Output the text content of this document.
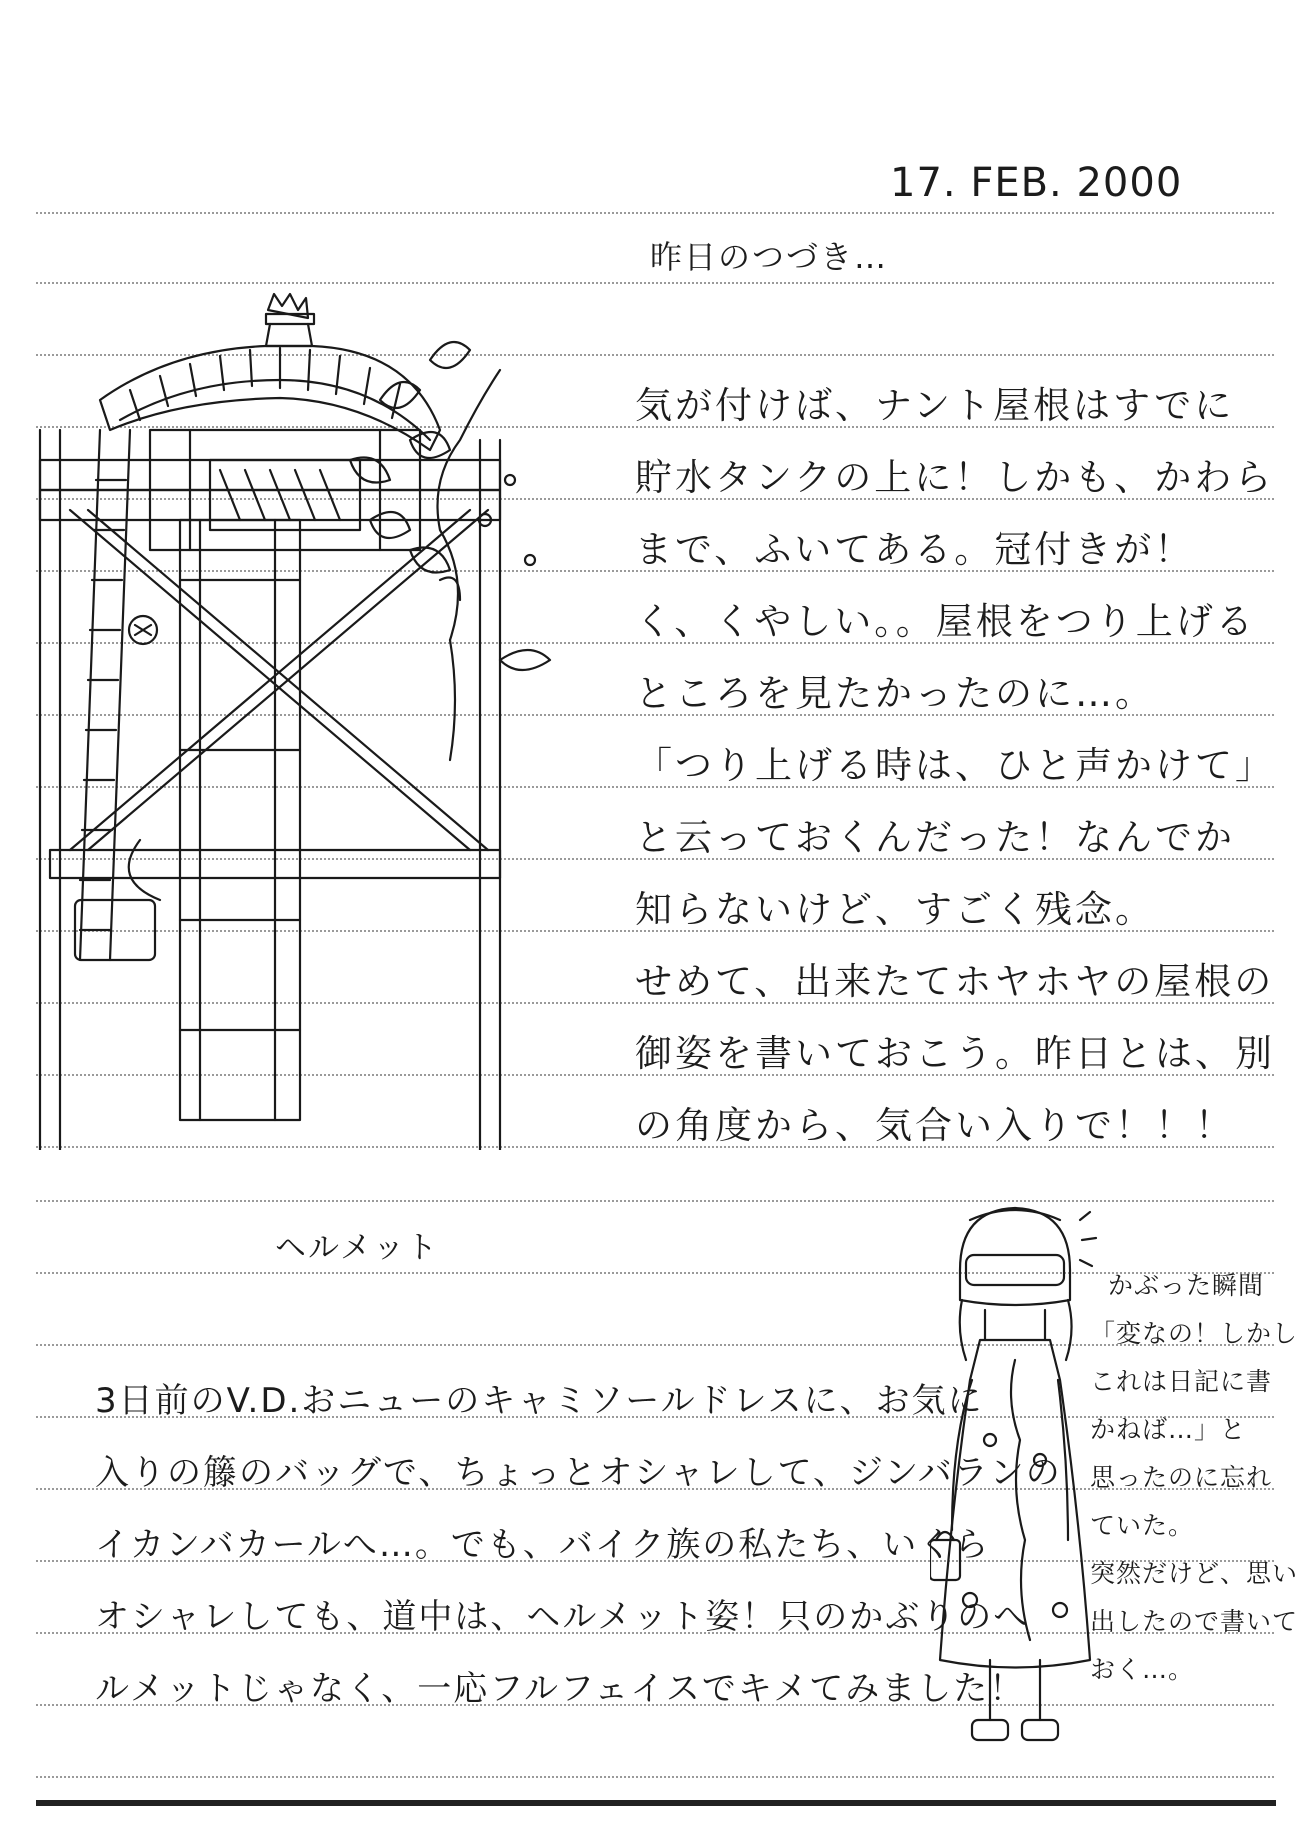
17. FEB. 2000
昨日のつづき…
気が付けば、ナント屋根はすでに
貯水タンクの上に！しかも、かわら
まで、ふいてある。冠付きが！
く、くやしい。。屋根をつり上げる
ところを見たかったのに…。
「つり上げる時は、ひと声かけて」
と云っておくんだった！なんでか
知らないけど、すごく残念。
せめて、出来たてホヤホヤの屋根の
御姿を書いておこう。昨日とは、別
の角度から、気合い入りで！！！
ヘルメット
3日前のV.D.おニューのキャミソールドレスに、お気に
入りの籐のバッグで、ちょっとオシャレして、ジンバランの
イカンバカールへ…。でも、バイク族の私たち、いくら
オシャレしても、道中は、ヘルメット姿！只のかぶりのへ
ルメットじゃなく、一応フルフェイスでキメてみました！
かぶった瞬間
「変なの！しかし
これは日記に書
かねば…」と
思ったのに忘れ
ていた。
突然だけど、思い
出したので書いて
おく…。
